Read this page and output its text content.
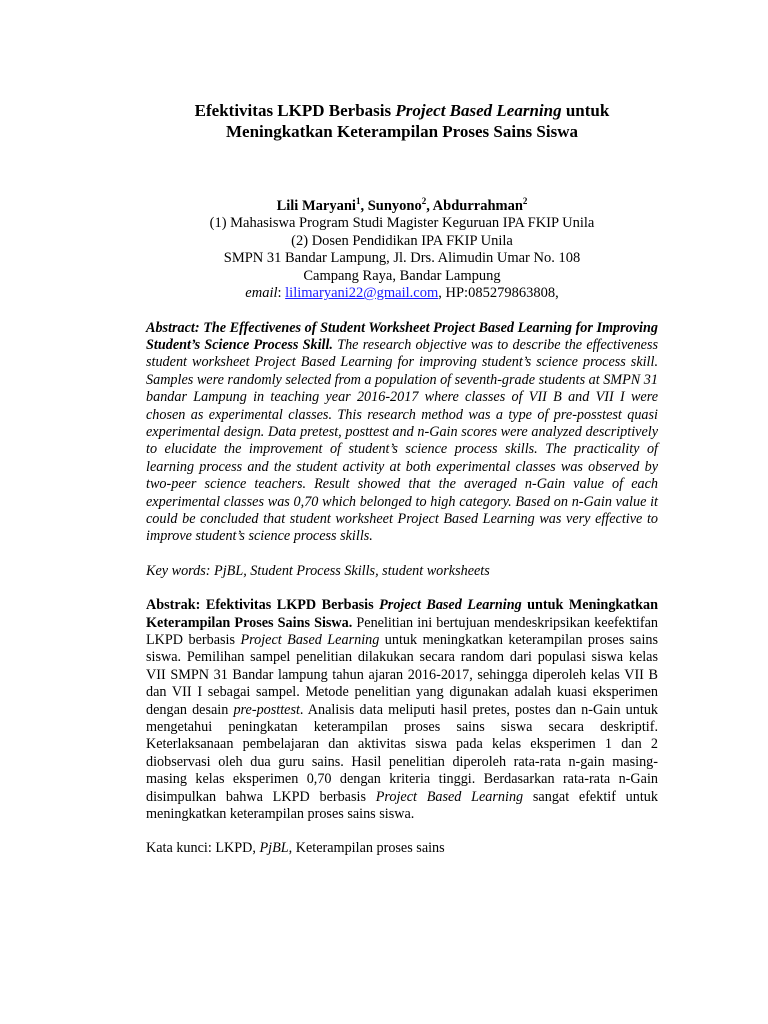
Efektivitas LKPD Berbasis Project Based Learning untuk
Meningkatkan Keterampilan Proses Sains Siswa
Lili Maryani$^1$, Sunyono$^2$, Abdurrahman$^2$
(1) Mahasiswa Program Studi Magister Keguruan IPA FKIP Unila
(2) Dosen Pendidikan IPA FKIP Unila
SMPN 31 Bandar Lampung, Jl. Drs. Alimudin Umar No. 108
Campang Raya, Bandar Lampung
email: lilimaryani22@gmail.com, HP:085279863808,

Abstract: The Effectivenes of Student Worksheet Project Based Learning for Improving Student’s Science Process Skill. The research objective was to describe the effectiveness student worksheet Project Based Learning for improving student’s science process skill. Samples were randomly selected from a population of seventh-grade students at SMPN 31 bandar Lampung in teaching year 2016-2017 where classes of VII B and VII I were chosen as experimental classes. This research method was a type of pre-posstest quasi experimental design. Data pretest, posttest and n-Gain scores were analyzed descriptively to elucidate the improvement of student’s science process skills. The practicality of learning process and the student activity at both experimental classes was observed by two-peer science teachers. Result showed that the averaged n-Gain value of each experimental classes was 0,70 which belonged to high category. Based on n-Gain value it could be concluded that student worksheet Project Based Learning was very effective to improve student’s science process skills.

Key words: PjBL, Student Process Skills, student worksheets

Abstrak: Efektivitas LKPD Berbasis Project Based Learning untuk Meningkatkan Keterampilan Proses Sains Siswa. Penelitian ini bertujuan mendeskripsikan keefektifan LKPD berbasis Project Based Learning untuk meningkatkan keterampilan proses sains siswa. Pemilihan sampel penelitian dilakukan secara random dari populasi siswa kelas VII SMPN 31 Bandar lampung tahun ajaran 2016-2017, sehingga diperoleh kelas VII B dan VII I sebagai sampel. Metode penelitian yang digunakan adalah kuasi eksperimen dengan desain pre-posttest. Analisis data meliputi hasil pretes, postes dan n-Gain untuk mengetahui peningkatan keterampilan proses sains siswa secara deskriptif. Keterlaksanaan pembelajaran dan aktivitas siswa pada kelas eksperimen 1 dan 2 diobservasi oleh dua guru sains. Hasil penelitian diperoleh rata-rata n-gain masing-masing kelas eksperimen 0,70 dengan kriteria tinggi. Berdasarkan rata-rata n-Gain disimpulkan bahwa LKPD berbasis Project Based Learning sangat efektif untuk meningkatkan keterampilan proses sains siswa.

Kata kunci: LKPD, PjBL, Keterampilan proses sains
